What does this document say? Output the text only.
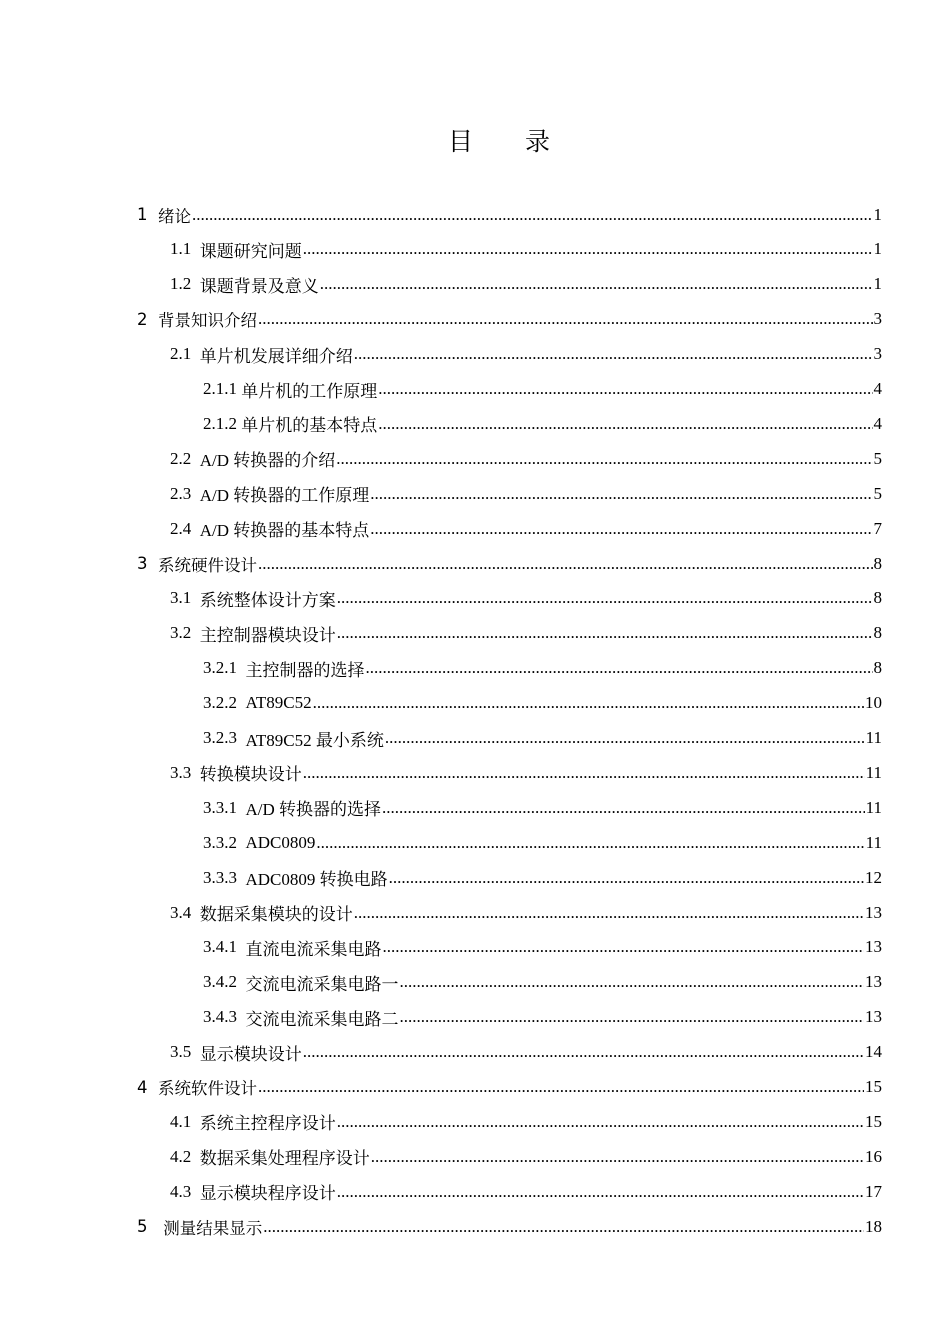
目 录
1 绪论 .....	1
1.1 课题研究问题 .....	1
1.2 课题背景及意义 .....	1
2 背景知识介绍 .....	3
2.1 单片机发展详细介绍 .....	3
2.1.1 单片机的工作原理 .....	4
2.1.2 单片机的基本特点 .....	4
2.2 A/D 转换器的介绍 .....	5
2.3 A/D 转换器的工作原理 .....	5
2.4 A/D 转换器的基本特点 .....	7
3 系统硬件设计 .....	8
3.1 系统整体设计方案 .....	8
3.2 主控制器模块设计 .....	8
3.2.1 主控制器的选择 .....	8
3.2.2 AT89C52 .....	10
3.2.3 AT89C52 最小系统 .....	11
3.3 转换模块设计 .....	11
3.3.1 A/D 转换器的选择 .....	11
3.3.2 ADC0809 .....	11
3.3.3 ADC0809 转换电路 .....	12
3.4 数据采集模块的设计 .....	13
3.4.1 直流电流采集电路 .....	13
3.4.2 交流电流采集电路一 .....	13
3.4.3 交流电流采集电路二 .....	13
3.5 显示模块设计 .....	14
4 系统软件设计 .....	15
4.1 系统主控程序设计 .....	15
4.2 数据采集处理程序设计 .....	16
4.3 显示模块程序设计 .....	17
5 测量结果显示 .....	18
